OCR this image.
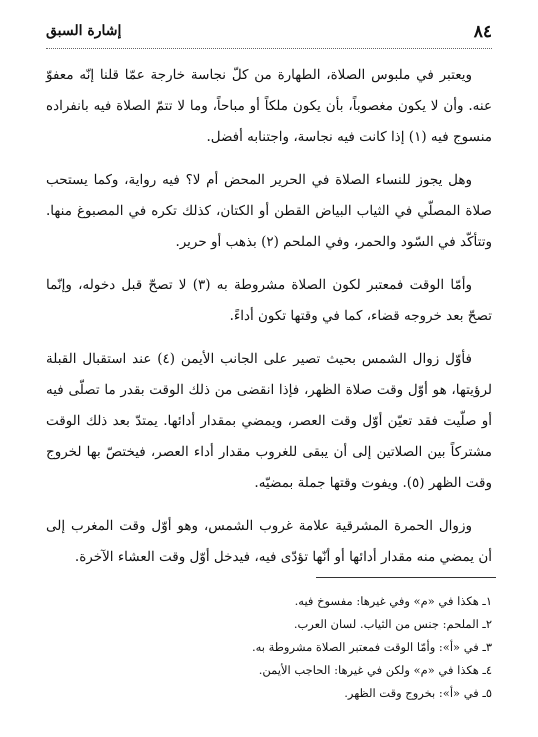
٨٤
إشارة السبق

ويعتبر في ملبوس الصلاة، الطهارة من كلّ نجاسة خارجة عمّا قلنا إنّه معفوّ عنه. وأن لا يكون مغصوباً، بأن يكون ملكاً أو مباحاً، وما لا تتمّ الصلاة فيه بانفراده منسوج فيه (١) إذا كانت فيه نجاسة، واجتنابه أفضل.

وهل يجوز للنساء الصلاة في الحرير المحض أم لا؟ فيه رواية، وكما يستحب صلاة المصلّي في الثياب البياض القطن أو الكتان، كذلك تكره في المصبوغ منها. وتتأكّد في السّود والحمر، وفي الملحم (٢) بذهب أو حرير.

وأمّا الوقت فمعتبر لكون الصلاة مشروطة به (٣) لا تصحّ قبل دخوله، وإنّما تصحّ بعد خروجه قضاء، كما في وقتها تكون أداءً.

فأوّل زوال الشمس بحيث تصير على الجانب الأيمن (٤) عند استقبال القبلة لرؤيتها، هو أوّل وقت صلاة الظهر، فإذا انقضى من ذلك الوقت بقدر ما تصلّى فيه أو صلّيت فقد تعيّن أوّل وقت العصر، ويمضي بمقدار أدائها. يمتدّ بعد ذلك الوقت مشتركاً بين الصلاتين إلى أن يبقى للغروب مقدار أداء العصر، فيختصّ بها لخروج وقت الظهر (٥). ويفوت وقتها جملة بمضيّه.

وزوال الحمرة المشرقية علامة غروب الشمس، وهو أوّل وقت المغرب إلى أن يمضي منه مقدار أدائها أو أنّها تؤدّى فيه، فيدخل أوّل وقت العشاء الآخرة.

١ـ هكذا في «م» وفي غيرها: مفسوخ فيه.
٢ـ الملحم: جنس من الثياب. لسان العرب.
٣ـ في «أ»: وأمّا الوقت فمعتبر الصلاة مشروطة به.
٤ـ هكذا في «م» ولكن في غيرها: الحاجب الأيمن.
٥ـ في «أ»: بخروج وقت الظهر.
